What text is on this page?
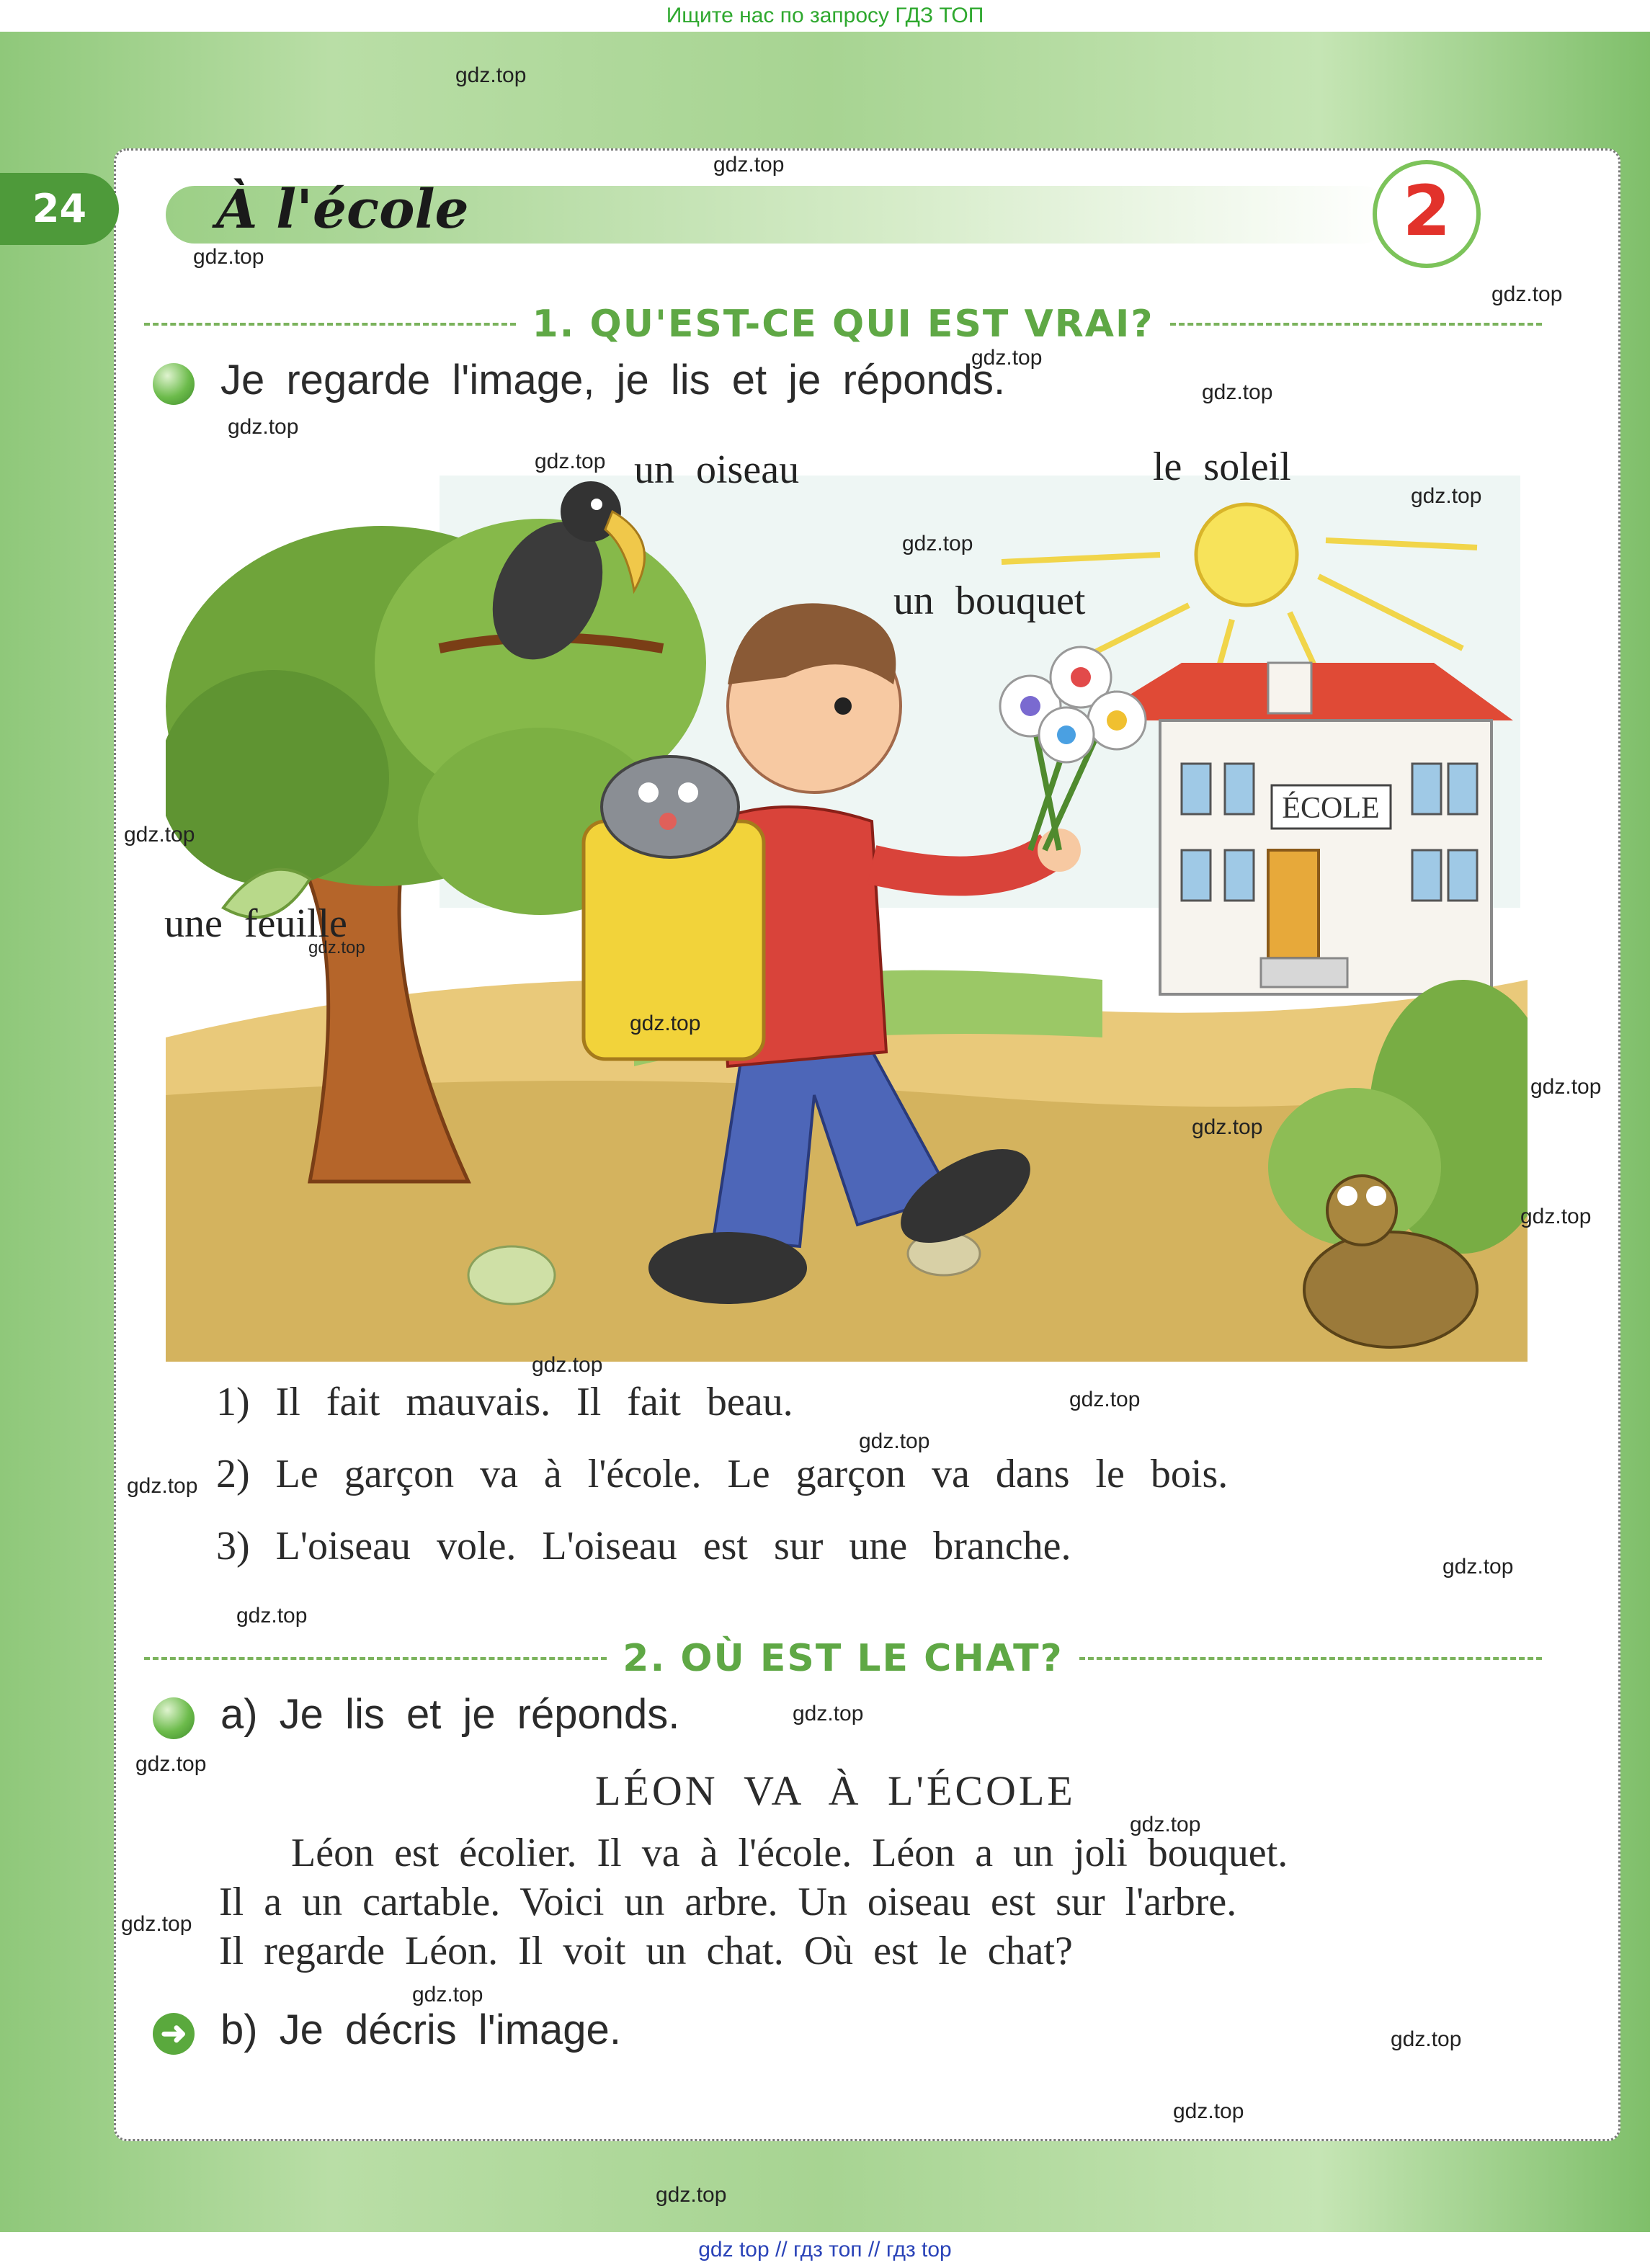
Ищите нас по запросу ГДЗ ТОП
24	À l'école	2
1. QU'EST-CE QUI EST VRAI?
Je regarde l'image, je lis et je réponds.
ÉCOLE
un oiseau	le soleil
un bouquet
une feuille
1) Il fait mauvais. Il fait beau.
2) Le garçon va à l'école. Le garçon va dans le bois.
3) L'oiseau vole. L'oiseau est sur une branche.
2. OÙ EST LE CHAT?
a) Je lis et je réponds.
LÉON VA À L'ÉCOLE
Léon est écolier. Il va à l'école. Léon a un joli bouquet.
Il a un cartable. Voici un arbre. Un oiseau est sur l'arbre.
Il regarde Léon. Il voit un chat. Où est le chat?
➜ b) Je décris l'image.
gdz.top
gdz.top
gdz.top
gdz.top
gdz.top
gdz.top
gdz.top
gdz.top
gdz.top
gdz.top
gdz.top
gdz.top
gdz.top
gdz.top
gdz.top
gdz.top
gdz.top
gdz.top
gdz.top
gdz.top
gdz.top
gdz.top
gdz.top
gdz.top
gdz.top
gdz.top
gdz.top
gdz.top
gdz.top
gdz.top
gdz top // гдз топ // гдз top
